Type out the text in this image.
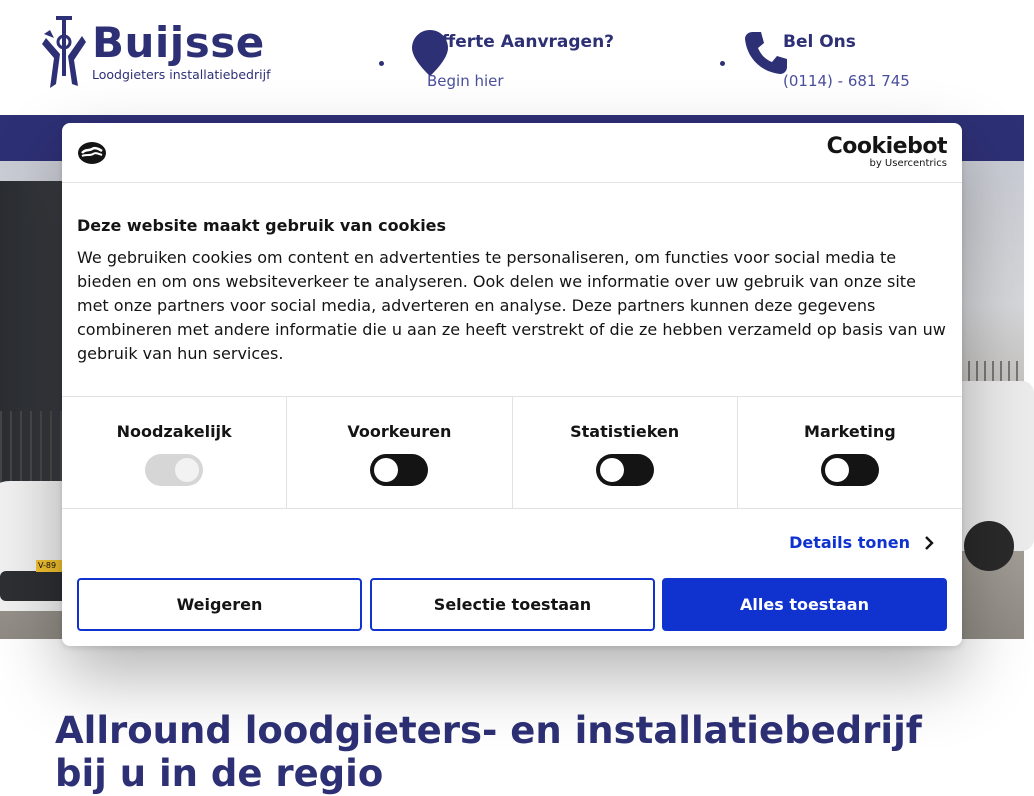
Buijsse
Loodgieters installatiebedrijf
Offerte Aanvragen?
Begin hier
Bel Ons
(0114) - 681 745
V-89
Allround loodgieters- en installatiebedrijf
bij u in de regio
Cookiebot
by Usercentrics
Deze website maakt gebruik van cookies
We gebruiken cookies om content en advertenties te personaliseren, om functies voor social media te bieden en om ons websiteverkeer te analyseren. Ook delen we informatie over uw gebruik van onze site met onze partners voor social media, adverteren en analyse. Deze partners kunnen deze gegevens combineren met andere informatie die u aan ze heeft verstrekt of die ze hebben verzameld op basis van uw gebruik van hun services.
Noodzakelijk	Voorkeuren	Statistieken	Marketing
Details tonen
Weigeren	Selectie toestaan	Alles toestaan
